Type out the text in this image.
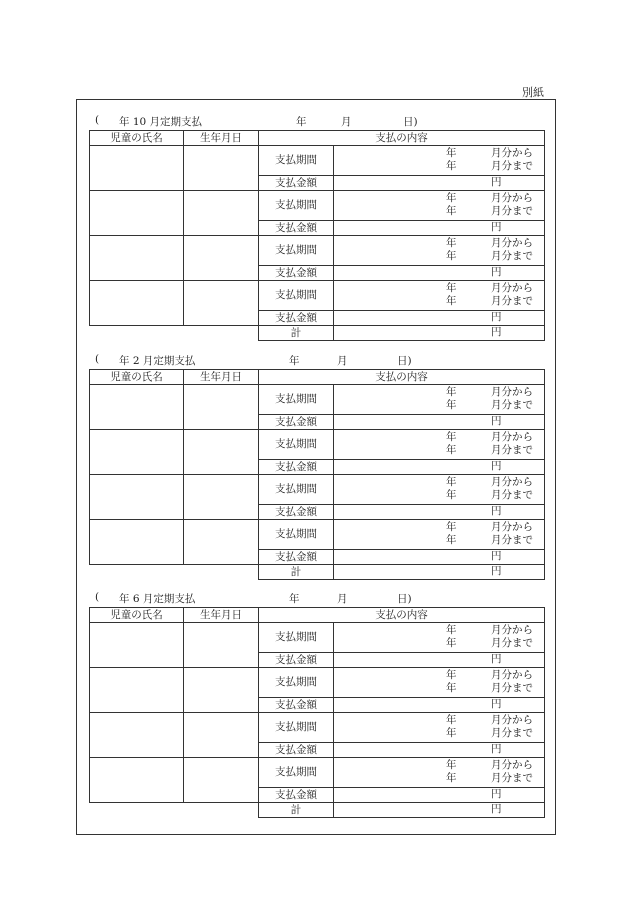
別紙
( 年 10 月定期支払	年	月	日)
児童の氏名	生年月日	支払の内容	
		支払期間	年 月分から
年 月分まで

		支払金額	円

		支払期間	年 月分から
年 月分まで

		支払金額	円

		支払期間	年 月分から
年 月分まで

		支払金額	円

		支払期間	年 月分から
年 月分まで

		支払金額	円

		計	円
( 年 2 月定期支払	年	月	日)
児童の氏名	生年月日	支払の内容	
		支払期間	年 月分から
年 月分まで

		支払金額	円

		支払期間	年 月分から
年 月分まで

		支払金額	円

		支払期間	年 月分から
年 月分まで

		支払金額	円

		支払期間	年 月分から
年 月分まで

		支払金額	円

		計	円
( 年 6 月定期支払	年	月	日)
児童の氏名	生年月日	支払の内容	
		支払期間	年 月分から
年 月分まで

		支払金額	円

		支払期間	年 月分から
年 月分まで

		支払金額	円

		支払期間	年 月分から
年 月分まで

		支払金額	円

		支払期間	年 月分から
年 月分まで

		支払金額	円

		計	円
